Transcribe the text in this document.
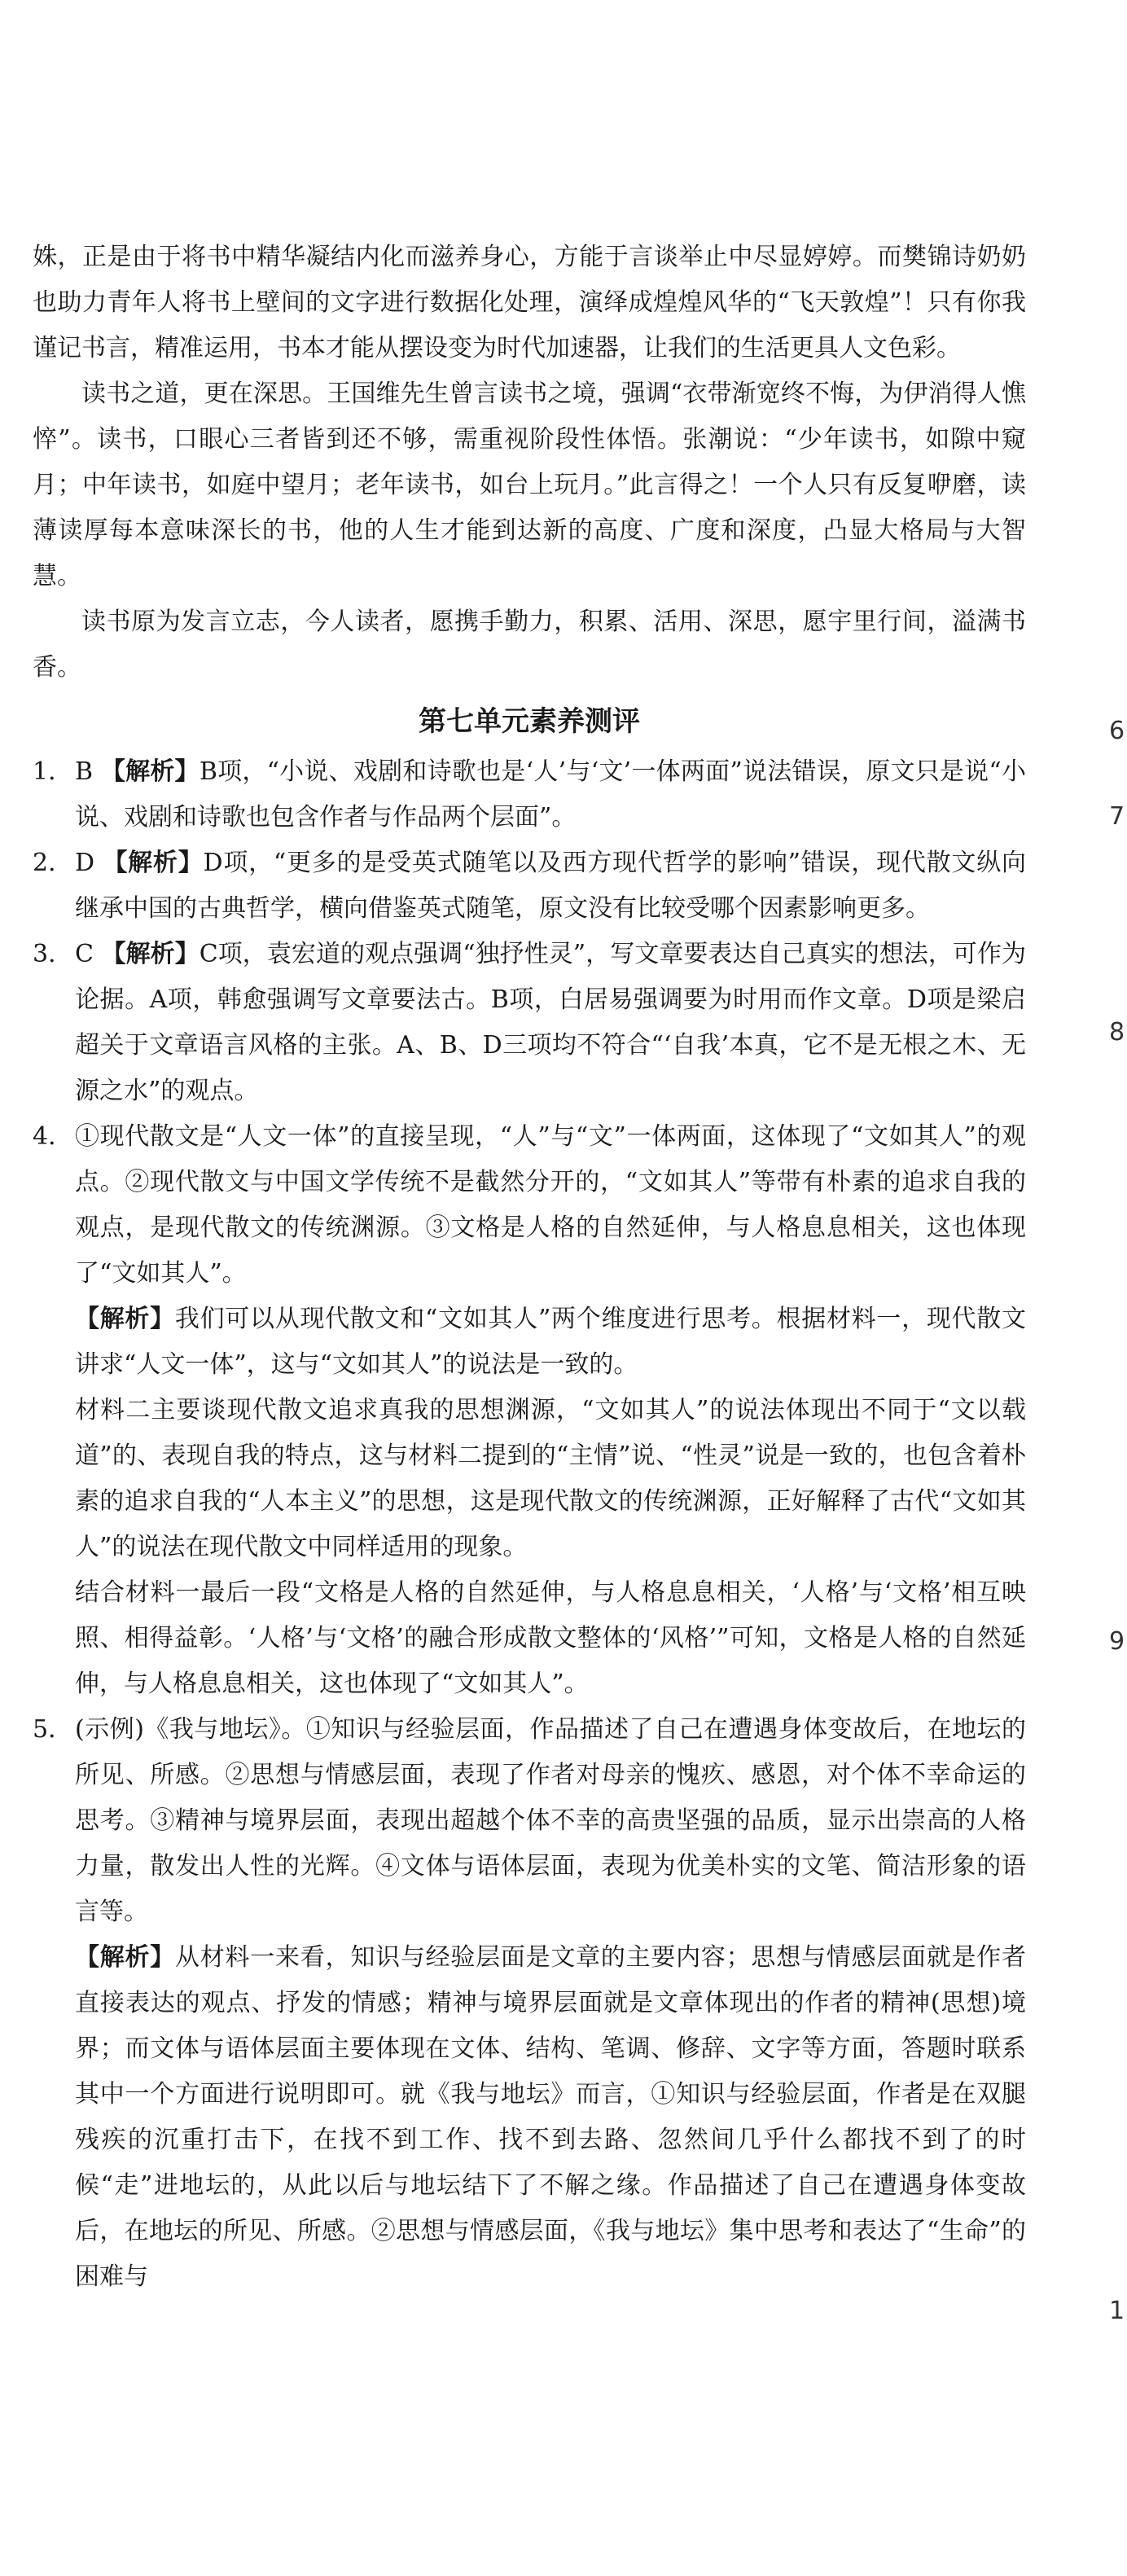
姝，正是由于将书中精华凝结内化而滋养身心，方能于言谈举止中尽显婷婷。而樊锦诗奶奶也助力青年人将书上壁间的文字进行数据化处理，演绎成煌煌风华的“飞天敦煌”！只有你我谨记书言，精准运用，书本才能从摆设变为时代加速器，让我们的生活更具人文色彩。

读书之道，更在深思。王国维先生曾言读书之境，强调“衣带渐宽终不悔，为伊消得人憔悴”。读书，口眼心三者皆到还不够，需重视阶段性体悟。张潮说：“少年读书，如隙中窥月；中年读书，如庭中望月；老年读书，如台上玩月。”此言得之！一个人只有反复咿磨，读薄读厚每本意味深长的书，他的人生才能到达新的高度、广度和深度，凸显大格局与大智慧。

读书原为发言立志，今人读者，愿携手勤力，积累、活用、深思，愿宇里行间，溢满书香。

第七单元素养测评
1． B 【解析】B项，“小说、戏剧和诗歌也是‘人’与‘文’一体两面”说法错误，原文只是说“小说、戏剧和诗歌也包含作者与作品两个层面”。

2． D 【解析】D项，“更多的是受英式随笔以及西方现代哲学的影响”错误，现代散文纵向继承中国的古典哲学，横向借鉴英式随笔，原文没有比较受哪个因素影响更多。

3． C 【解析】C项，袁宏道的观点强调“独抒性灵”，写文章要表达自己真实的想法，可作为论据。A项，韩愈强调写文章要法古。B项，白居易强调要为时用而作文章。D项是梁启超关于文章语言风格的主张。A、B、D三项均不符合“‘自我’本真，它不是无根之木、无源之水”的观点。

4． ①现代散文是“人文一体”的直接呈现，“人”与“文”一体两面，这体现了“文如其人”的观点。②现代散文与中国文学传统不是截然分开的，“文如其人”等带有朴素的追求自我的观点，是现代散文的传统渊源。③文格是人格的自然延伸，与人格息息相关，这也体现了“文如其人”。

【解析】我们可以从现代散文和“文如其人”两个维度进行思考。根据材料一，现代散文讲求“人文一体”，这与“文如其人”的说法是一致的。

材料二主要谈现代散文追求真我的思想渊源，“文如其人”的说法体现出不同于“文以载道”的、表现自我的特点，这与材料二提到的“主情”说、“性灵”说是一致的，也包含着朴素的追求自我的“人本主义”的思想，这是现代散文的传统渊源，正好解释了古代“文如其人”的说法在现代散文中同样适用的现象。

结合材料一最后一段“文格是人格的自然延伸，与人格息息相关，‘人格’与‘文格’相互映照、相得益彰。‘人格’与‘文格’的融合形成散文整体的‘风格’”可知，文格是人格的自然延伸，与人格息息相关，这也体现了“文如其人”。

5． (示例)《我与地坛》。①知识与经验层面，作品描述了自己在遭遇身体变故后，在地坛的所见、所感。②思想与情感层面，表现了作者对母亲的愧疚、感恩，对个体不幸命运的思考。③精神与境界层面，表现出超越个体不幸的高贵坚强的品质，显示出崇高的人格力量，散发出人性的光辉。④文体与语体层面，表现为优美朴实的文笔、简洁形象的语言等。

【解析】从材料一来看，知识与经验层面是文章的主要内容；思想与情感层面就是作者直接表达的观点、抒发的情感；精神与境界层面就是文章体现出的作者的精神(思想)境界；而文体与语体层面主要体现在文体、结构、笔调、修辞、文字等方面，答题时联系其中一个方面进行说明即可。就《我与地坛》而言，①知识与经验层面，作者是在双腿残疾的沉重打击下，在找不到工作、找不到去路、忽然间几乎什么都找不到了的时候“走”进地坛的，从此以后与地坛结下了不解之缘。作品描述了自己在遭遇身体变故后，在地坛的所见、所感。②思想与情感层面，《我与地坛》集中思考和表达了“生命”的困难与

6
7
8
9
1
